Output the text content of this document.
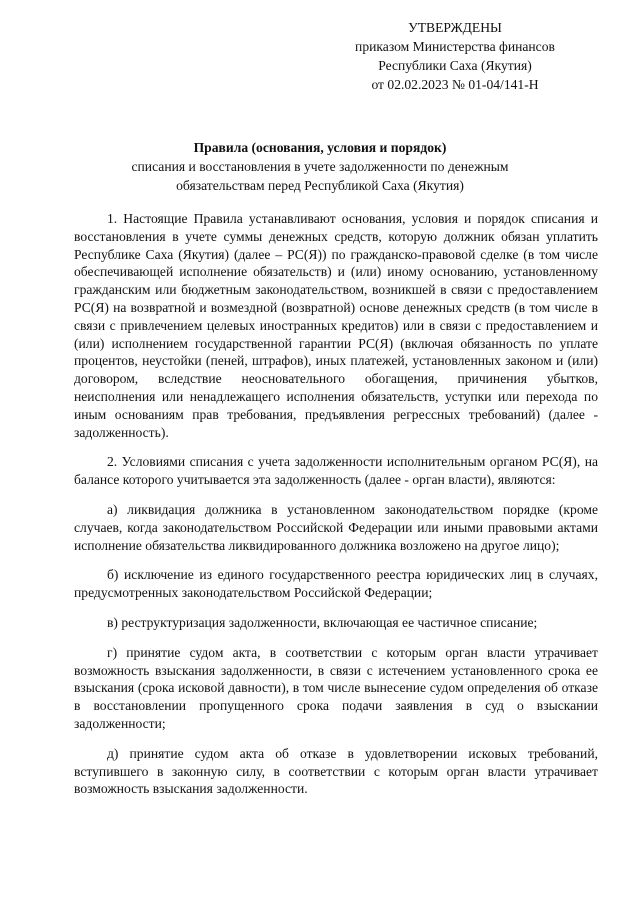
УТВЕРЖДЕНЫ
приказом Министерства финансов
Республики Саха (Якутия)
от 02.02.2023 № 01-04/141-Н
Правила (основания, условия и порядок)
списания и восстановления в учете задолженности по денежным
обязательствам перед Республикой Саха (Якутия)

1. Настоящие Правила устанавливают основания, условия и порядок списания и восстановления в учете суммы денежных средств, которую должник обязан уплатить Республике Саха (Якутия) (далее – РС(Я)) по гражданско-правовой сделке (в том числе обеспечивающей исполнение обязательств) и (или) иному основанию, установленному гражданским или бюджетным законодательством, возникшей в связи с предоставлением РС(Я) на возвратной и возмездной (возвратной) основе денежных средств (в том числе в связи с привлечением целевых иностранных кредитов) или в связи с предоставлением и (или) исполнением государственной гарантии РС(Я) (включая обязанность по уплате процентов, неустойки (пеней, штрафов), иных платежей, установленных законом и (или) договором, вследствие неосновательного обогащения, причинения убытков, неисполнения или ненадлежащего исполнения обязательств, уступки или перехода по иным основаниям прав требования, предъявления регрессных требований) (далее - задолженность).

2. Условиями списания с учета задолженности исполнительным органом РС(Я), на балансе которого учитывается эта задолженность (далее - орган власти), являются:

а) ликвидация должника в установленном законодательством порядке (кроме случаев, когда законодательством Российской Федерации или иными правовыми актами исполнение обязательства ликвидированного должника возложено на другое лицо);

б) исключение из единого государственного реестра юридических лиц в случаях, предусмотренных законодательством Российской Федерации;

в) реструктуризация задолженности, включающая ее частичное списание;

г) принятие судом акта, в соответствии с которым орган власти утрачивает возможность взыскания задолженности, в связи с истечением установленного срока ее взыскания (срока исковой давности), в том числе вынесение судом определения об отказе в восстановлении пропущенного срока подачи заявления в суд о взыскании задолженности;

д) принятие судом акта об отказе в удовлетворении исковых требований, вступившего в законную силу, в соответствии с которым орган власти утрачивает возможность взыскания задолженности.
